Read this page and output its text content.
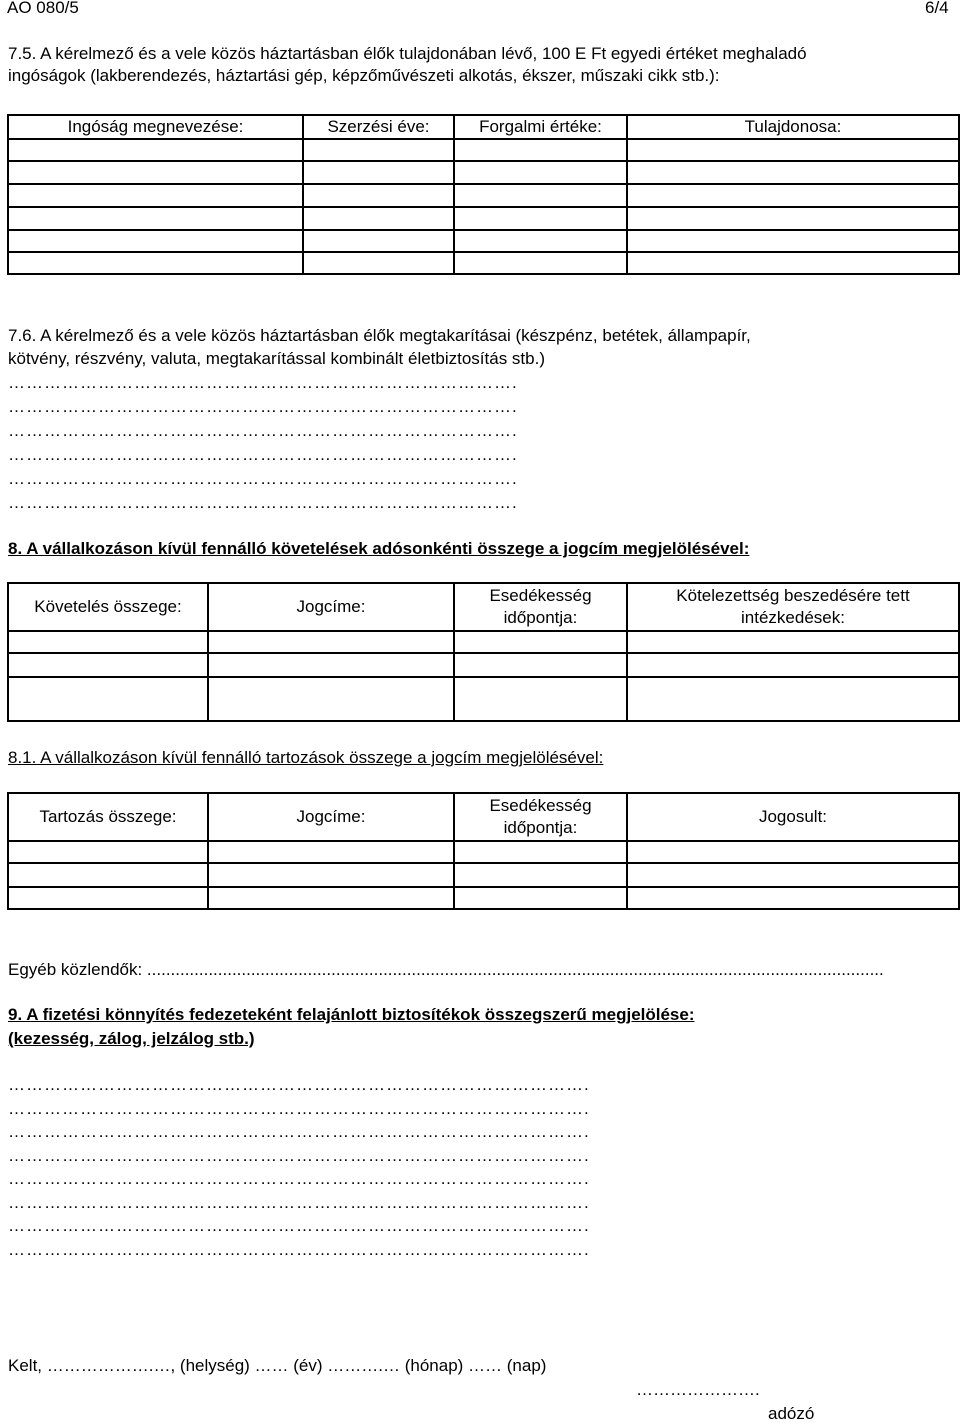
AO 080/5	6/4
7.5. A kérelmező és a vele közös háztartásban élők tulajdonában lévő, 100 E Ft egyedi értéket meghaladó
ingóságok (lakberendezés, háztartási gép, képzőművészeti alkotás, ékszer, műszaki cikk stb.):
Ingóság megnevezése:	Szerzési éve:	Forgalmi értéke:	Tulajdonosa:

7.6. A kérelmező és a vele közös háztartásban élők megtakarításai (készpénz, betétek, állampapír,
kötvény, részvény, valuta, megtakarítással kombinált életbiztosítás stb.)
………………………………………………………………………….
………………………………………………………………………….
………………………………………………………………………….
………………………………………………………………………….
………………………………………………………………………….
………………………………………………………………………….
8. A vállalkozáson kívül fennálló követelések adósonkénti összege a jogcím megjelölésével:
Követelés összege:	Jogcíme:	Esedékesség időpontja:	Kötelezettség beszedésére tett intézkedések:

8.1. A vállalkozáson kívül fennálló tartozások összege a jogcím megjelölésével:
Tartozás összege:	Jogcíme:	Esedékesség időpontja:	Jogosult:

Egyéb közlendők: ............................................................................................................................................................
9. A fizetési könnyítés fedezeteként felajánlott biztosítékok összegszerű megjelölése:
(kezesség, zálog, jelzálog stb.)
…………………………………………………………………………………….
…………………………………………………………………………………….
…………………………………………………………………………………….
…………………………………………………………………………………….
…………………………………………………………………………………….
…………………………………………………………………………………….
…………………………………………………………………………………….
…………………………………………………………………………………….
Kelt, ……………….…, (helység) …… (év) ……….… (hónap) …… (nap)
………………….
adózó
